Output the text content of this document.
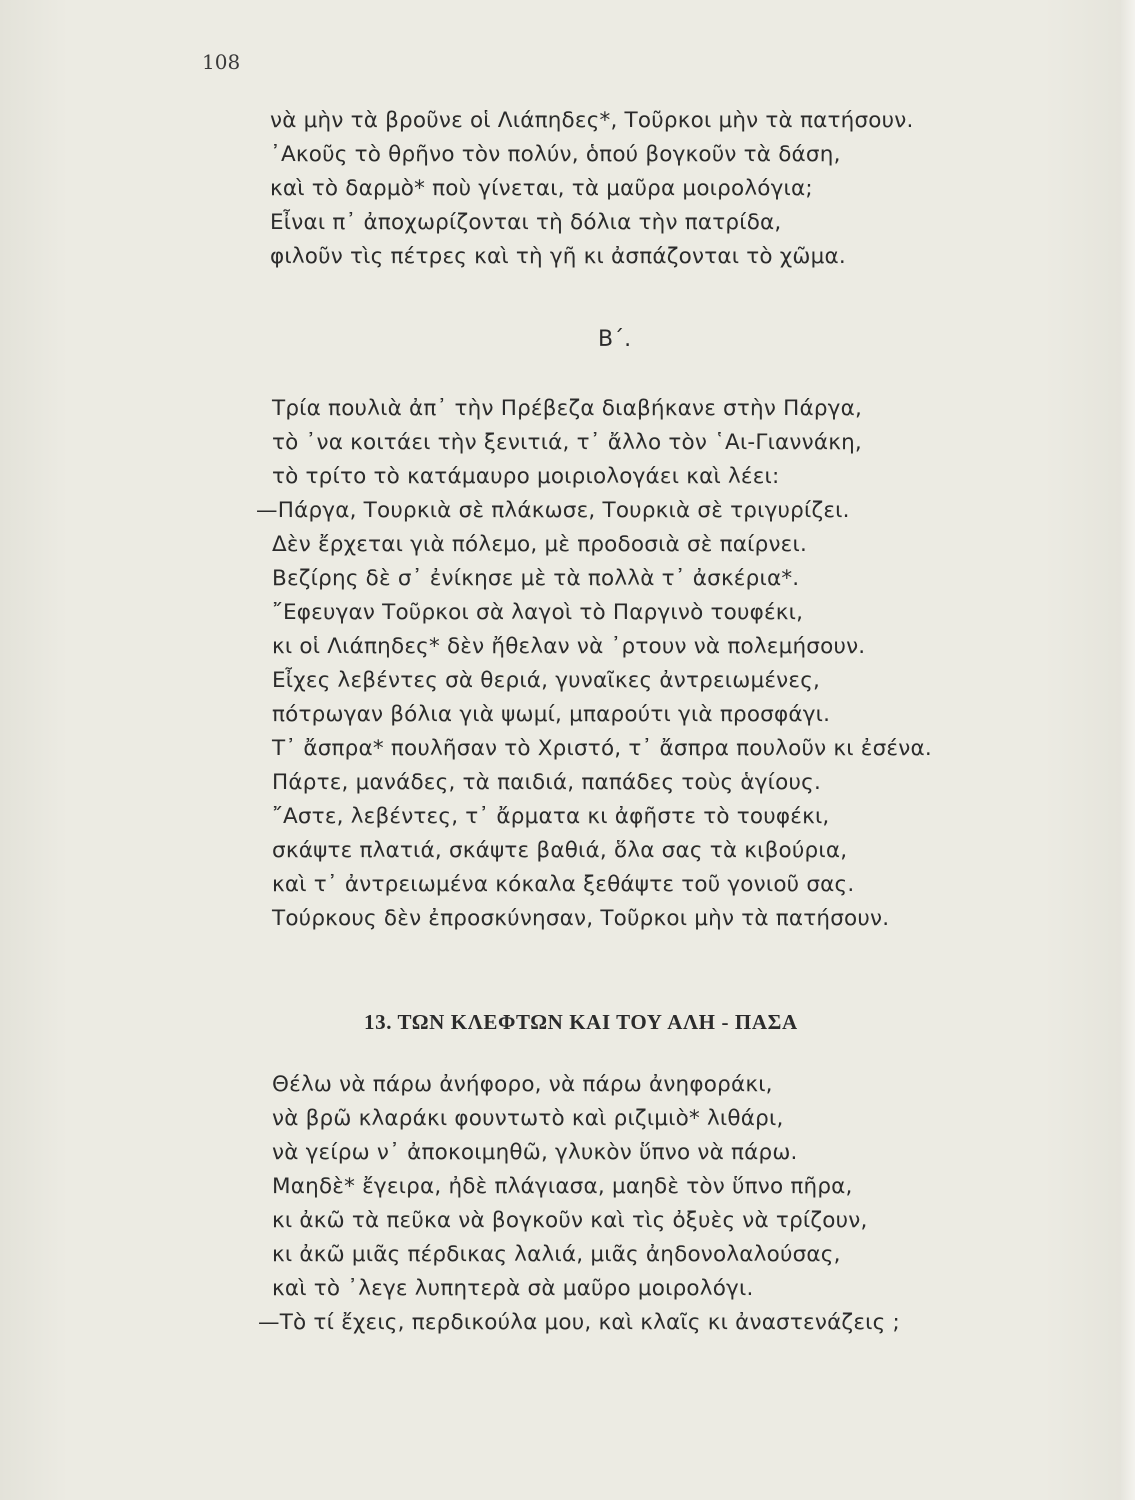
108
νὰ μὴν τὰ βροῦνε οἱ Λιάπηδες*, Τοῦρκοι μὴν τὰ πατήσουν.
᾿Ακοῦς τὸ θρῆνο τὸν πολύν, ὁπού βογκοῦν τὰ δάση,
καὶ τὸ δαρμὸ* ποὺ γίνεται, τὰ μαῦρα μοιρολόγια;
Εἶναι π᾿ ἀποχωρίζονται τὴ δόλια τὴν πατρίδα,
φιλοῦν τὶς πέτρες καὶ τὴ γῆ κι ἀσπάζονται τὸ χῶμα.
Β΄.
Τρία πουλιὰ ἀπ᾿ τὴν Πρέβεζα διαβήκανε στὴν Πάργα,
τὸ ᾿να κοιτάει τὴν ξενιτιά, τ᾿ ἄλλο τὸν ῾Αι-Γιαννάκη,
τὸ τρίτο τὸ κατάμαυρο μοιριολογάει καὶ λέει:
—Πάργα, Τουρκιὰ σὲ πλάκωσε, Τουρκιὰ σὲ τριγυρίζει.
Δὲν ἔρχεται γιὰ πόλεμο, μὲ προδοσιὰ σὲ παίρνει.
Βεζίρης δὲ σ᾿ ἐνίκησε μὲ τὰ πολλὰ τ᾿ ἀσκέρια*.
῎Εφευγαν Τοῦρκοι σὰ λαγοὶ τὸ Παργινὸ τουφέκι,
κι οἱ Λιάπηδες* δὲν ἤθελαν νὰ ᾿ρτουν νὰ πολεμήσουν.
Εἶχες λεβέντες σὰ θεριά, γυναῖκες ἀντρειωμένες,
πότρωγαν βόλια γιὰ ψωμί, μπαρούτι γιὰ προσφάγι.
Τ᾿ ἄσπρα* πουλῆσαν τὸ Χριστό, τ᾿ ἄσπρα πουλοῦν κι ἐσένα.
Πάρτε, μανάδες, τὰ παιδιά, παπάδες τοὺς ἁγίους.
῎Αστε, λεβέντες, τ᾿ ἄρματα κι ἀφῆστε τὸ τουφέκι,
σκάψτε πλατιά, σκάψτε βαθιά, ὅλα σας τὰ κιβούρια,
καὶ τ᾿ ἀντρειωμένα κόκαλα ξεθάψτε τοῦ γονιοῦ σας.
Τούρκους δὲν ἐπροσκύνησαν, Τοῦρκοι μὴν τὰ πατήσουν.
13. ΤΩΝ ΚΛΕΦΤΩΝ ΚΑΙ ΤΟΥ ΑΛΗ - ΠΑΣΑ
Θέλω νὰ πάρω ἀνήφορο, νὰ πάρω ἀνηφοράκι,
νὰ βρῶ κλαράκι φουντωτὸ καὶ ριζιμιὸ* λιθάρι,
νὰ γείρω ν᾿ ἀποκοιμηθῶ, γλυκὸν ὕπνο νὰ πάρω.
Μαηδὲ* ἔγειρα, ἠδὲ πλάγιασα, μαηδὲ τὸν ὕπνο πῆρα,
κι ἀκῶ τὰ πεῦκα νὰ βογκοῦν καὶ τὶς ὀξυὲς νὰ τρίζουν,
κι ἀκῶ μιᾶς πέρδικας λαλιά, μιᾶς ἀηδονολαλούσας,
καὶ τὸ ᾿λεγε λυπητερὰ σὰ μαῦρο μοιρολόγι.
—Τὸ τί ἔχεις, περδικούλα μου, καὶ κλαῖς κι ἀναστενάζεις ;
